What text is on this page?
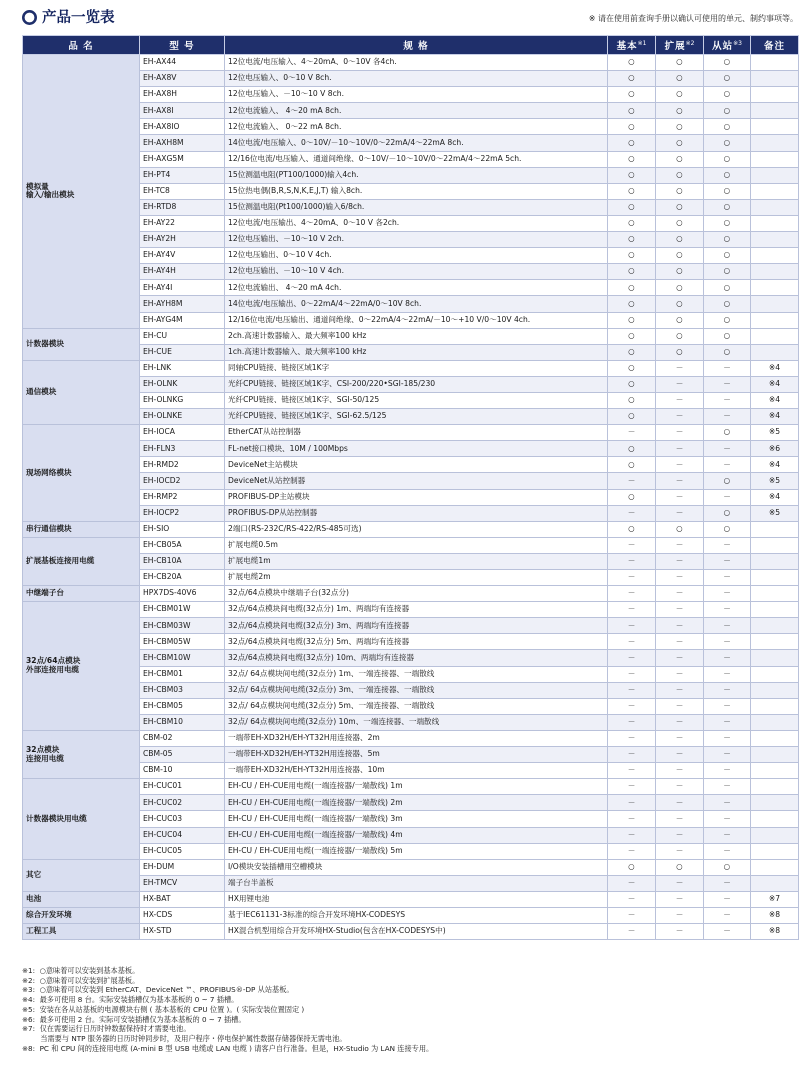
产品一览表	※ 请在使用前查询手册以确认可使用的单元、制约事项等。
品 名	型 号	规 格	基本$^{※1}$	扩展$^{※2}$	从站$^{※3}$	备注
模拟量
输入/输出模块	EH-AX44	12位电流/电压输入、4～20mA、0～10V 各4ch.	○	○	○	
	EH-AX8V	12位电压输入、0～10 V 8ch.	○	○	○	
	EH-AX8H	12位电压输入、－10～10 V 8ch.	○	○	○	
	EH-AX8I	12位电流输入、 4～20 mA 8ch.	○	○	○	
	EH-AX8IO	12位电流输入、 0～22 mA 8ch.	○	○	○	
	EH-AXH8M	14位电流/电压输入、0～10V/－10～10V/0～22mA/4～22mA 8ch.	○	○	○	
	EH-AXG5M	12/16位电流/电压输入、通道间绝缘、0～10V/－10～10V/0～22mA/4～22mA 5ch.	○	○	○	
	EH-PT4	15位测温电阻(PT100/1000)输入4ch.	○	○	○	
	EH-TC8	15位热电偶(B,R,S,N,K,E,J,T) 输入8ch.	○	○	○	
	EH-RTD8	15位测温电阻(Pt100/1000)输入6/8ch.	○	○	○	
	EH-AY22	12位电流/电压输出、4～20mA、0～10 V 各2ch.	○	○	○	
	EH-AY2H	12位电压输出、－10～10 V 2ch.	○	○	○	
	EH-AY4V	12位电压输出、0～10 V 4ch.	○	○	○	
	EH-AY4H	12位电压输出、－10～10 V 4ch.	○	○	○	
	EH-AY4I	12位电流输出、 4～20 mA 4ch.	○	○	○	
	EH-AYH8M	14位电流/电压输出、0～22mA/4～22mA/0～10V 8ch.	○	○	○	
	EH-AYG4M	12/16位电流/电压输出、通道间绝缘、0～22mA/4～22mA/－10～+10 V/0～10V 4ch.	○	○	○	
计数器模块	EH-CU	2ch.高速计数器输入、最大频率100 kHz	○	○	○	
	EH-CUE	1ch.高速计数器输入、最大频率100 kHz	○	○	○	
通信模块	EH-LNK	同轴CPU链接、链接区域1K字	○	－	－	※4
	EH-OLNK	光纤CPU链接、链接区域1K字、CSI-200/220•SGI-185/230	○	－	－	※4
	EH-OLNKG	光纤CPU链接、链接区域1K字、SGI-50/125	○	－	－	※4
	EH-OLNKE	光纤CPU链接、链接区域1K字、SGI-62.5/125	○	－	－	※4
现场网络模块	EH-IOCA	EtherCAT从站控制器	－	－	○	※5
	EH-FLN3	FL-net接口模块、10M / 100Mbps	○	－	－	※6
	EH-RMD2	DeviceNet主站模块	○	－	－	※4
	EH-IOCD2	DeviceNet从站控制器	－	－	○	※5
	EH-RMP2	PROFIBUS-DP主站模块	○	－	－	※4
	EH-IOCP2	PROFIBUS-DP从站控制器	－	－	○	※5
串行通信模块	EH-SIO	2端口(RS-232C/RS-422/RS-485可选)	○	○	○	
扩展基板连接用电缆	EH-CB05A	扩展电缆0.5m	－	－	－	
	EH-CB10A	扩展电缆1m	－	－	－	
	EH-CB20A	扩展电缆2m	－	－	－	
中继端子台	HPX7DS-40V6	32点/64点模块中继端子台(32点分)	－	－	－	
32点/64点模块
外部连接用电缆	EH-CBM01W	32点/64点模块间电缆(32点分) 1m、两端均有连接器	－	－	－	
	EH-CBM03W	32点/64点模块间电缆(32点分) 3m、两端均有连接器	－	－	－	
	EH-CBM05W	32点/64点模块间电缆(32点分) 5m、两端均有连接器	－	－	－	
	EH-CBM10W	32点/64点模块间电缆(32点分) 10m、两端均有连接器	－	－	－	
	EH-CBM01	32点/ 64点模块间电缆(32点分) 1m、一端连接器、一端散线	－	－	－	
	EH-CBM03	32点/ 64点模块间电缆(32点分) 3m、一端连接器、一端散线	－	－	－	
	EH-CBM05	32点/ 64点模块间电缆(32点分) 5m、一端连接器、一端散线	－	－	－	
	EH-CBM10	32点/ 64点模块间电缆(32点分) 10m、一端连接器、一端散线	－	－	－	
32点模块
连接用电缆	CBM-02	一端带EH-XD32H/EH-YT32H用连接器、2m	－	－	－	
	CBM-05	一端带EH-XD32H/EH-YT32H用连接器、5m	－	－	－	
	CBM-10	一端带EH-XD32H/EH-YT32H用连接器、10m	－	－	－	
计数器模块用电缆	EH-CUC01	EH-CU / EH-CUE用电缆(一端连接器/一端散线) 1m	－	－	－	
	EH-CUC02	EH-CU / EH-CUE用电缆(一端连接器/一端散线) 2m	－	－	－	
	EH-CUC03	EH-CU / EH-CUE用电缆(一端连接器/一端散线) 3m	－	－	－	
	EH-CUC04	EH-CU / EH-CUE用电缆(一端连接器/一端散线) 4m	－	－	－	
	EH-CUC05	EH-CU / EH-CUE用电缆(一端连接器/一端散线) 5m	－	－	－	
其它	EH-DUM	I/O模块安装插槽用空槽模块	○	○	○	
	EH-TMCV	端子台半盖板	－	－	－	
电池	HX-BAT	HX用锂电池	－	－	－	※7
综合开发环境	HX-CDS	基于IEC61131-3标准的综合开发环境HX-CODESYS	－	－	－	※8
工程工具	HX-STD	HX混合机型用综合开发环境HX-Studio(包含在HX-CODESYS中)	－	－	－	※8
※1:  ○意味着可以安装到基本基板。
※2:  ○意味着可以安装到扩展基板。
※3:  ○意味着可以安装到 EtherCAT、DeviceNet ™、PROFIBUS®-DP 从站基板。
※4:  最多可使用 8 台。实际安装插槽仅为基本基板的 0 ~ 7 插槽。
※5:  安装在各从站基板的电源模块右侧 ( 基本基板的 CPU 位置 )。( 实际安装位置固定 )
※6:  最多可使用 2 台。实际可安装插槽仅为基本基板的 0 ~ 7 插槽。
※7:  仅在需要运行日历时钟数据保持时才需要电池。
当需要与 NTP 服务器的日历时钟同步时，及用户程序・停电保护属性数据存储器保持无需电池。
※8:  PC 和 CPU 间的连接用电缆 (A-mini B 型 USB 电缆或 LAN 电缆 ) 请客户自行准备。但是，HX-Studio 为 LAN 连接专用。
